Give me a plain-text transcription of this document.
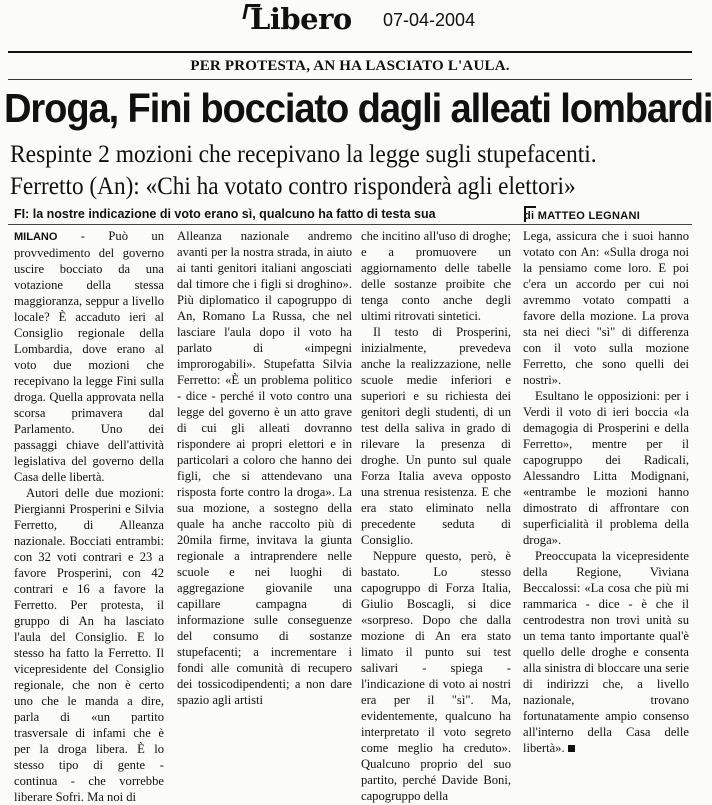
Libero 07-04-2004
PER PROTESTA, AN HA LASCIATO L'AULA.
Droga, Fini bocciato dagli alleati lombardi
Respinte 2 mozioni che recepivano la legge sugli stupefacenti.
Ferretto (An): «Chi ha votato contro risponderà agli elettori»
FI: la nostre indicazione di voto erano sì, qualcuno ha fatto di testa sua	di MATTEO LEGNANI

MILANO - Può un provvedimento del governo uscire bocciato da una votazione della stessa maggioranza, seppur a livello locale? È accaduto ieri al Consiglio regionale della Lombardia, dove erano al voto due mozioni che recepivano la legge Fini sulla droga. Quella approvata nella scorsa primavera dal Parlamento. Uno dei passaggi chiave dell'attività legislativa del governo della Casa delle libertà.

Autori delle due mozioni: Piergianni Prosperini e Silvia Ferretto, di Alleanza nazionale. Bocciati entrambi: con 32 voti contrari e 23 a favore Prosperini, con 42 contrari e 16 a favore la Ferretto. Per protesta, il gruppo di An ha lasciato l'aula del Consiglio. E lo stesso ha fatto la Ferretto. Il vicepresidente del Consiglio regionale, che non è certo uno che le manda a dire, parla di «un partito trasversale di infami che è per la droga libera. È lo stesso tipo di gente - continua - che vorrebbe liberare Sofri. Ma noi di

Alleanza nazionale andremo avanti per la nostra strada, in aiuto ai tanti genitori italiani angosciati dal timore che i figli si droghino». Più diplomatico il capogruppo di An, Romano La Russa, che nel lasciare l'aula dopo il voto ha parlato di «impegni improrogabili». Stupefatta Silvia Ferretto: «È un problema politico - dice - perché il voto contro una legge del governo è un atto grave di cui gli alleati dovranno rispondere ai propri elettori e in particolari a coloro che hanno dei figli, che si attendevano una risposta forte contro la droga». La sua mozione, a sostegno della quale ha anche raccolto più di 20mila firme, invitava la giunta regionale a intraprendere nelle scuole e nei luoghi di aggregazione giovanile una capillare campagna di informazione sulle conseguenze del consumo di sostanze stupefacenti; a incrementare i fondi alle comunità di recupero dei tossicodipendenti; a non dare spazio agli artisti

che incitino all'uso di droghe; e a promuovere un aggiornamento delle tabelle delle sostanze proibite che tenga conto anche degli ultimi ritrovati sintetici.

Il testo di Prosperini, inizialmente, prevedeva anche la realizzazione, nelle scuole medie inferiori e superiori e su richiesta dei genitori degli studenti, di un test della saliva in grado di rilevare la presenza di droghe. Un punto sul quale Forza Italia aveva opposto una strenua resistenza. E che era stato eliminato nella precedente seduta di Consiglio.

Neppure questo, però, è bastato. Lo stesso capogruppo di Forza Italia, Giulio Boscagli, si dice «sorpreso. Dopo che dalla mozione di An era stato limato il punto sui test salivari - spiega - l'indicazione di voto ai nostri era per il "sì". Ma, evidentemente, qualcuno ha interpretato il voto segreto come meglio ha creduto». Qualcuno proprio del suo partito, perché Davide Boni, capogruppo della

Lega, assicura che i suoi hanno votato con An: «Sulla droga noi la pensiamo come loro. E poi c'era un accordo per cui noi avremmo votato compatti a favore della mozione. La prova sta nei dieci "sì" di differenza con il voto sulla mozione Ferretto, che sono quelli dei nostri».

Esultano le opposizioni: per i Verdi il voto di ieri boccia «la demagogia di Prosperini e della Ferretto», mentre per il capogruppo dei Radicali, Alessandro Litta Modignani, «entrambe le mozioni hanno dimostrato di affrontare con superficialità il problema della droga».

Preoccupata la vicepresidente della Regione, Viviana Beccalossi: «La cosa che più mi rammarica - dice - è che il centrodestra non trovi unità su un tema tanto importante qual'è quello delle droghe e consenta alla sinistra di bloccare una serie di indirizzi che, a livello nazionale, trovano fortunatamente ampio consenso all'interno della Casa delle libertà».
